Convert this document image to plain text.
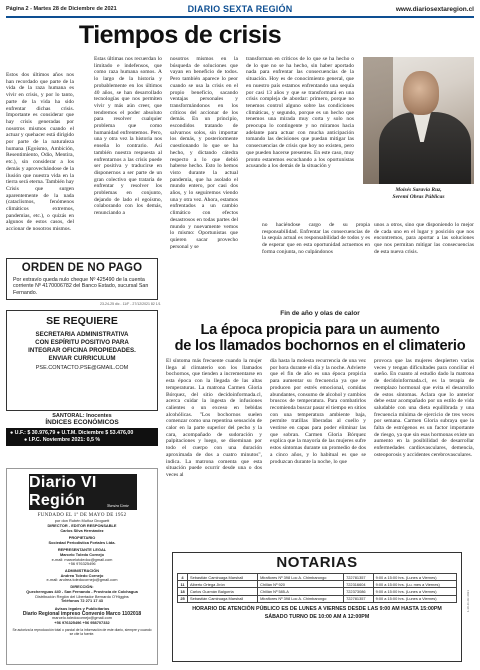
Página 2 - Martes 28 de Diciembre de 2021	DIARIO SEXTA REGIÓN	www.diariosextaregion.cl
Tiempos de crisis

Estos dos últimos años nos han recordado que parte de la vida de la raza humana es vivir en crisis, y por lo tanto, parte de la vida ha sido enfrentar dichas crisis. Importante es considerar que hay crisis generadas por nosotros mismos cuando el actuar y quehacer está dirigido por parte de la naturaleza humana (Egoísmo, Ambición, Resentimiento, Odio, Mentira, etc.), sin considerar a los demás y aprovechándose de la ilusión que nuestra vida en la tierra será eterna. También hay Crisis que surgen aparentemente de la nada (cataclismos, fenómenos climáticos extremos, pandemias, etc.), o quizás en algunos de estos casos, del accionar de nosotros mismos.

Estas últimas nos recuerdan lo limitado e indefensos, que como raza humana somos. A lo largo de la historia y probablemente en los últimos 40 años, se han desarrollado tecnologías que nos permiten vivir y más aún creer, que tendremos el poder absoluto para resolver cualquier problema que como humanidad enfrentemos. Pero, una y otra vez la historia nos enseña lo contrario. Así también nuestra respuesta al enfrentarnos a las crisis puede ser positiva y traducirse en disponernos a ser parte de un gran colectivo que trataría de enfrentar y resolver los problemas en conjunto, dejando de lado el egoísmo, colaborando con los demás, renunciando a

nosotros mismos en la búsqueda de soluciones que vayan en beneficio de todos. Pero también aparece lo peor cuando se usa la crisis en el propio beneficio, sacando ventajas personales y transformándonos en los críticos del accionar de los demás. En un principio, escondidos tratando de salvarnos solos, sin importar los demás, y posteriormente cuestionando lo que se ha hecho, y dictando cátedra respecto a lo que debió haberse hecho. Esto lo hemos visto durante la actual pandemia, que ha asolado el mundo entero, por casi dos años, y lo seguiremos viendo una y otra vez. Ahora, estamos enfrentados a un cambio climático con efectos desastrosos en todas partes del mundo y nuevamente vemos lo mismo: Oportunistas que quieren sacar provecho personal y se

transforman en críticos de lo que se ha hecho o de lo que no se ha hecho, sin haber aportado nada para enfrentar las consecuencias de la situación. Hoy es de conocimiento general, que en nuestro país estamos enfrentando una sequía por casi 13 años y que se transformará en una crisis compleja de abordar: primero, porque no tenemos control alguno sobre las condiciones climáticas, y segundo, porque es un hecho que tenemos una mirada muy corta y solo nos preocupa lo contingente y no miramos hacia adelante para actuar con mucha anticipación tomando las decisiones que puedan mitigar las consecuencias de crisis que hoy no existen, pero que pueden hacerse presentes. En este caso, muy pronto estaremos escuchando a los oportunistas acusando a los demás de la situación y

no haciéndose cargo de su propia responsabilidad. Enfrentar las consecuencias de la sequía actual es responsabilidad de todos y es de esperar que en esta oportunidad actuemos en forma conjunta, no culpándonos

unos a otros, sino que disponiendo lo mejor de cada uno en el lugar y posición que nos encontremos, para aportar a las soluciones que nos permitan mitigar las consecuencias de esta nueva crisis.

Moisés Saravia Ruz,
Seremi Obras Públicas
ORDEN DE NO PAGO
Por extravío queda nulo cheque Nº 425490 de la cuenta corriente Nº 4170006782 del Banco Estado, sucursal San Fernando.
23-24-25 dic - 11/F - 27/12/2021 82 1/1
SE REQUIERE
SECRETARIA ADMINISTRATIVA
CON ESPÍRITU POSITIVO PARA
INTEGRAR OFICINA PROPIEDADES.
ENVIAR CURRICULUM
PSE.CONTACTO.PSE@GMAIL.COM
SANTORAL: Inocentes
ÍNDICES ECONÓMICOS
● U.F.: $ 30.976,79 ● U.T.M. Diciembre $ 53.476,00
● I.P.C. Noviembre 2021: 0,5 %
Diario VI Región	Nuestra Gente
FUNDADO EL 1º DE MAYO DE 1952
por don Rubén Muñoz Droguett
DIRECTOR - EDITOR RESPONSABLE
Carlos Silva Hernández
PROPIETARIO
Sociedad Periodística Fortales Ltda.
REPRESENTANTE LEGAL
Marcelo Toledo Cornejo
e-mail: marcelotoledoc@gmail.com
+56 976325496
ADMINISTRACIÓN
Andrea Toledo Cornejo
e-mail: andrea.toledocornejo@gmail.com
DIRECCIÓN:
Quechereguas 440 - San Fernando - Provincia de Colchagua
Distribución Región del Libertador Bernardo O'Higgins
Teléfonos 72 271 17 43
Avisos legales y Publicitarios
Diario Regional impreso Convenio Marco 1102018
marcelo.toledocornejo@gmail.com
+56 976325496 +56 958707332
Se autoriza la reproducción total o parcial de la información de este diario, siempre y cuando se cite la fuente.
Fin de año y olas de calor
La época propicia para un aumento
de los llamados bochornos en el climaterio

El síntoma más frecuente cuando la mujer llega al climaterio son los llamados bochornos, que tienden a incrementarse en esta época con la llegada de las altas temperaturas. La matrona Carmen Gloria Bórquez, del sitio decidoinformada.cl, acerca cuidar la ingesta de infusiones calientes o un exceso en bebidas alcohólicas. "Los bochornos suelen comenzar como una repentina sensación de calor en la parte superior del pecho y la cara, acompañado de sudoración y palpitaciones y luego, se diseminan por todo el cuerpo con una duración aproximada de dos a cuatro minutos", indica. La matrona comenta que esta situación puede ocurrir desde una o dos veces al

día hasta la molesta recurrencia de una vez por hora durante el día y la noche. Advierte que el fin de año es una época propicia para aumentar su frecuencia ya que se producen por estrés emocional, comidas abundantes, consumo de alcohol y cambios bruscos de temperatura. Para combatirlos recomienda buscar pasar el tiempo en sitios con una temperatura ambiente baja, permite tratillas liberadas al cuello y vestirse en capas para poder eliminar las que sobran. Carmen Gloria Bórquez explica que la mayoría de las mujeres sufre estos síntomas durante un promedio de dos a cinco años, y lo habitual es que se produzcan durante la noche, lo que

provoca que las mujeres despierten varias veces y tengan dificultades para conciliar el sueño. En cuanto al estudio dado la matrona de decidoinformada.cl, es la terapia de reemplazo hormonal que evita el desarrollo de estos síntomas. Aclara que lo anterior debe estar acompañado por un estilo de vida saludable con una dieta equilibrada y una frecuencia mínima de ejercicio de tres veces por semana. Carmen Gloria subraya que la falta de estrógenos es un factor importante de riesgo, ya que sin esas hormonas existe un aumento en la posibilidad de desarrollar enfermedades cardiovasculares, demencia, osteoporosis y accidentes cerebrovasculares.

NOTARIAS
4	Sebastián Camiruaga Marshall	Miraflores Nº 398 Loc A. Chimbarongo	722781357	9:00 a 15:00 hrs. (Lunes a Viernes)
11	Alberto Ortega Jirón	Chillán Nº 920	722316604	9:00 a 15:00 hrs. (Lu. mes a Viernes)
18	Carlos Guzmán Balgorria	Chillán Nº 585-A	722373086	9:00 a 15:00 hrs. (Lunes a Viernes)
25	Sebastián Camiruaga Marshall	Miraflores Nº 398 Loc A. Chimbarongo	722781357	9:00 a 15:00 hrs. (Lunes a Viernes)
HORARIO DE ATENCIÓN PÚBLICO ES DE LUNES A VIERNES DESDE LAS 9:00 AM HASTA 15:00PM
SÁBADO TURNO DE 10:00 AM A 12:00PM
1-10-11 dic 2021
